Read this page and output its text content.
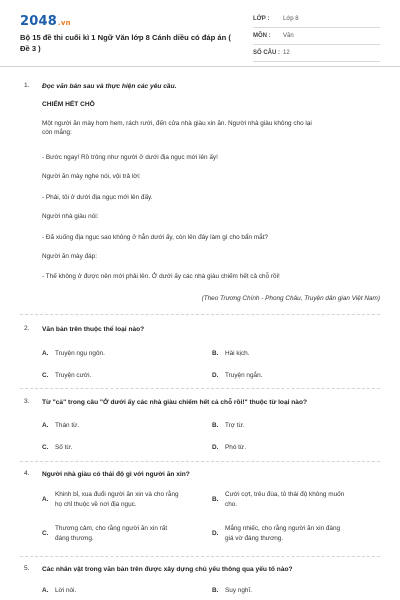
2048.vn
Bộ 15 đề thi cuối kì 1 Ngữ Văn lớp 8 Cánh diều có đáp án ( Đề 3 )
LỚP :	Lớp 8
MÔN :	Văn
SỐ CÂU : 12
1. Đọc văn bản sau và thực hiện các yêu cầu.
CHIẾM HẾT CHỖ
Một người ăn mày hom hem, rách rưới, đến cửa nhà giàu xin ăn. Người nhà giàu không cho lại
còn mắng:
- Bước ngay! Rồ trông như người ở dưới địa ngục mới lên ấy!
Người ăn mày nghe nói, vội trả lời:
- Phải, tôi ở dưới địa ngục mới lên đấy.
Người nhà giàu nói:
- Đã xuống địa ngục sao không ở hẳn dưới ấy, còn lên đây làm gì cho bẩn mắt?
Người ăn mày đáp:
- Thế không ở được nên mới phải lên. Ở dưới ấy các nhà giàu chiếm hết cả chỗ rồi!
(Theo Trương Chính - Phong Châu, Truyện dân gian Việt Nam)
2. Văn bản trên thuộc thể loại nào?
A. Truyện ngụ ngôn.	B. Hài kịch.
C. Truyện cười.	D. Truyện ngắn.
3. Từ "cả" trong câu "Ở dưới ấy các nhà giàu chiếm hết cả chỗ rồi!" thuộc từ loại nào?
A. Thán từ.	B. Trợ từ.
C. Số từ.	D. Phó từ.
4. Người nhà giàu có thái độ gì với người ăn xin?
A.
Khinh bỉ, xua đuổi người ăn xin và cho rằng
họ chỉ thuộc về nơi địa ngục.
B.
Cười cợt, trêu đùa, tỏ thái độ không muốn
cho.
C.
Thương cảm, cho rằng người ăn xin rất
đáng thương.
D.
Mắng nhiếc, cho rằng người ăn xin đáng
giá vờ đáng thương.
5. Các nhân vật trong văn bản trên được xây dựng chủ yếu thông qua yếu tố nào?
A. Lời nói.	B. Suy nghĩ.
